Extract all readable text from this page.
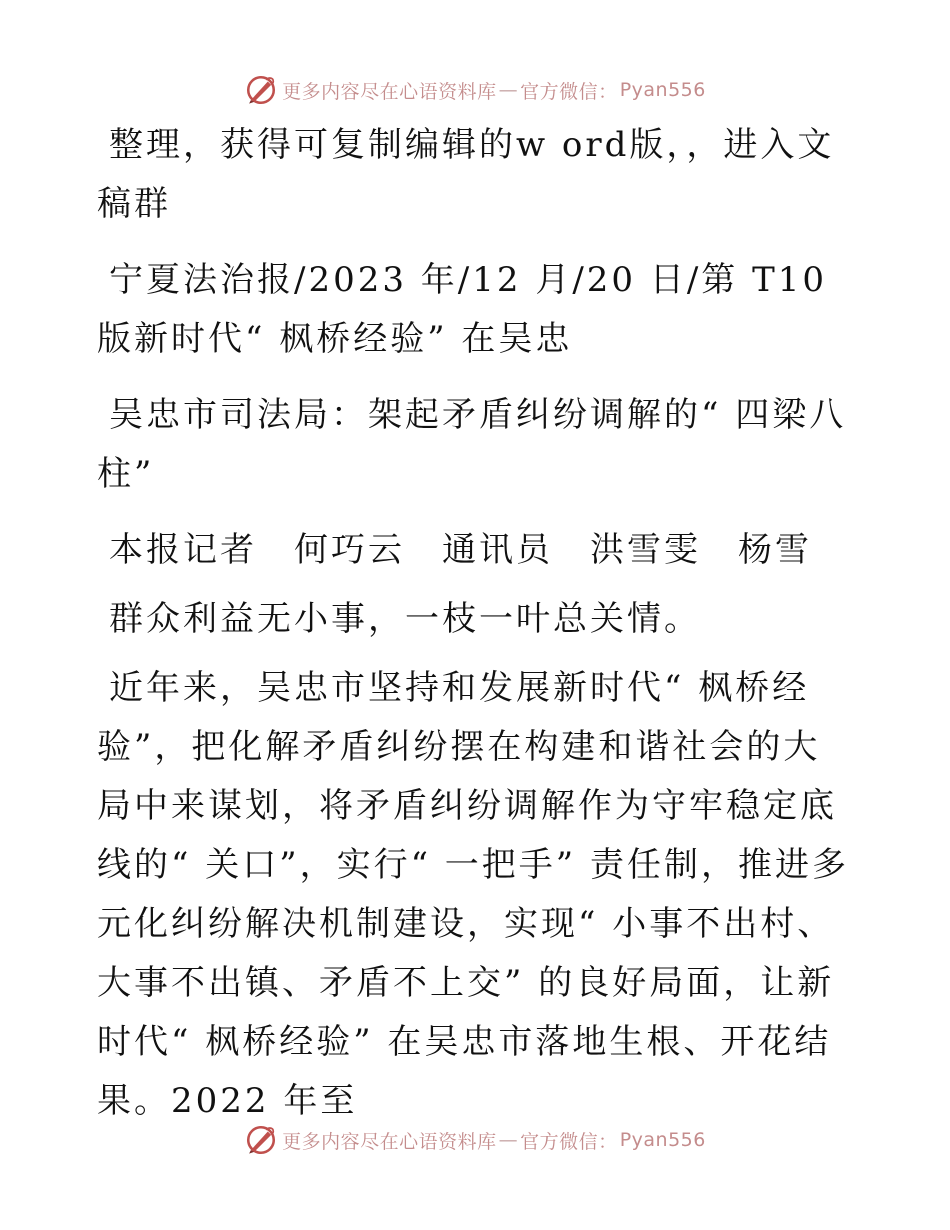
更多内容尽在心语资料库 — 官方微信： Pyan556

整理，获得可复制编辑的w ord版，，进入文稿群

宁夏法治报/2023 年/12 月/20 日/第 T10 版新时代“ 枫桥经验” 在吴忠

吴忠市司法局：架起矛盾纠纷调解的“ 四梁八柱”

本报记者　何巧云　通讯员　洪雪雯　杨雪

群众利益无小事，一枝一叶总关情。

近年来，吴忠市坚持和发展新时代“ 枫桥经验”，把化解矛盾纠纷摆在构建和谐社会的大局中来谋划，将矛盾纠纷调解作为守牢稳定底线的“ 关口”，实行“ 一把手” 责任制，推进多元化纠纷解决机制建设，实现“ 小事不出村、大事不出镇、矛盾不上交” 的良好局面，让新时代“ 枫桥经验” 在吴忠市落地生根、开花结果。2022 年至

更多内容尽在心语资料库 — 官方微信： Pyan556
